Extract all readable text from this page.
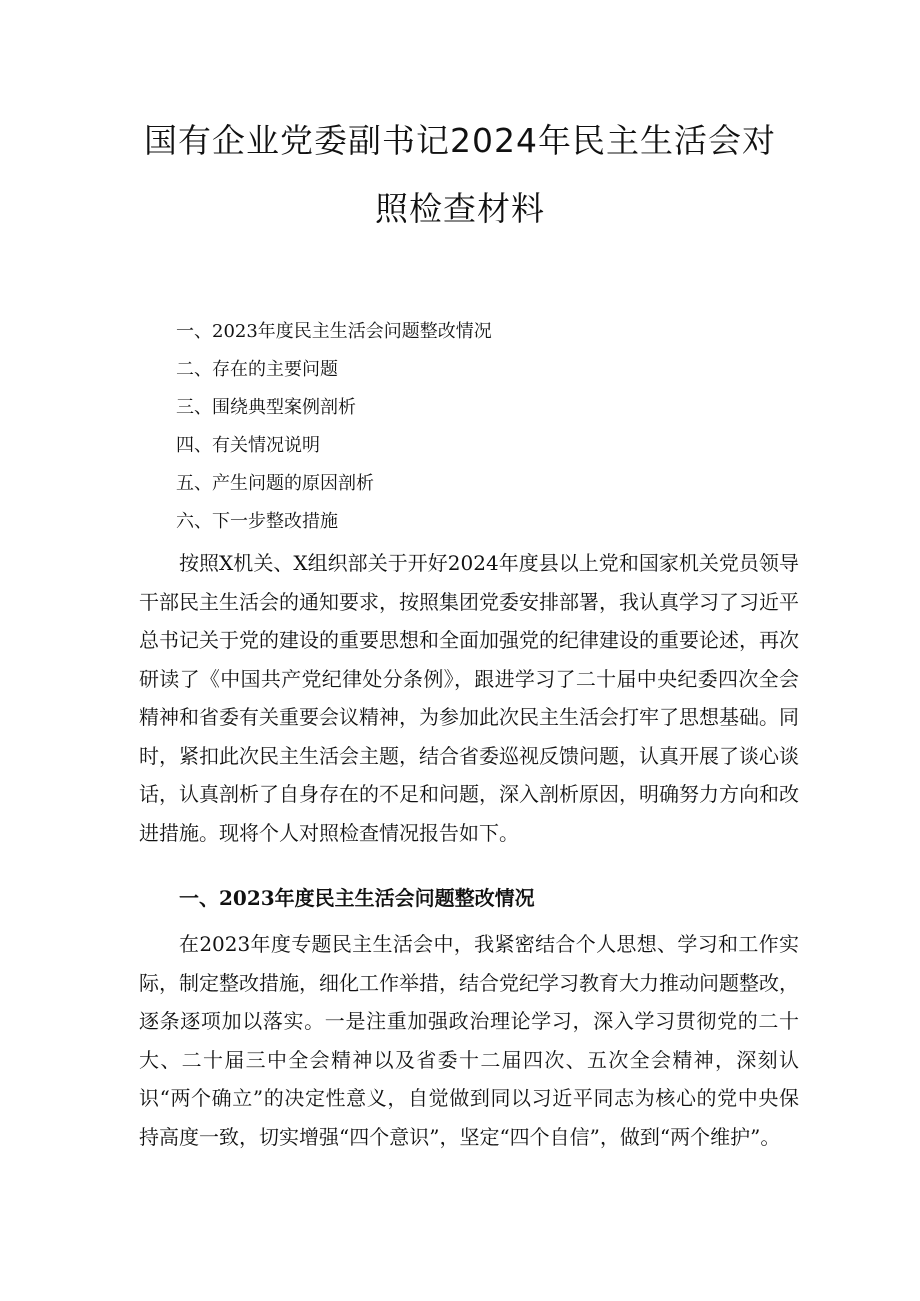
国有企业党委副书记2024年民主生活会对
照检查材料
一、2023年度民主生活会问题整改情况
二、存在的主要问题
三、围绕典型案例剖析
四、有关情况说明
五、产生问题的原因剖析
六、下一步整改措施

按照X机关、X组织部关于开好2024年度县以上党和国家机关党员领导干部民主生活会的通知要求，按照集团党委安排部署，我认真学习了习近平总书记关于党的建设的重要思想和全面加强党的纪律建设的重要论述，再次研读了《中国共产党纪律处分条例》，跟进学习了二十届中央纪委四次全会精神和省委有关重要会议精神，为参加此次民主生活会打牢了思想基础。同时，紧扣此次民主生活会主题，结合省委巡视反馈问题，认真开展了谈心谈话，认真剖析了自身存在的不足和问题，深入剖析原因，明确努力方向和改进措施。现将个人对照检查情况报告如下。

一、2023年度民主生活会问题整改情况

在2023年度专题民主生活会中，我紧密结合个人思想、学习和工作实际，制定整改措施，细化工作举措，结合党纪学习教育大力推动问题整改，逐条逐项加以落实。一是注重加强政治理论学习，深入学习贯彻党的二十大、二十届三中全会精神以及省委十二届四次、五次全会精神，深刻认识“两个确立”的决定性意义，自觉做到同以习近平同志为核心的党中央保持高度一致，切实增强“四个意识”，坚定“四个自信”，做到“两个维护”。
